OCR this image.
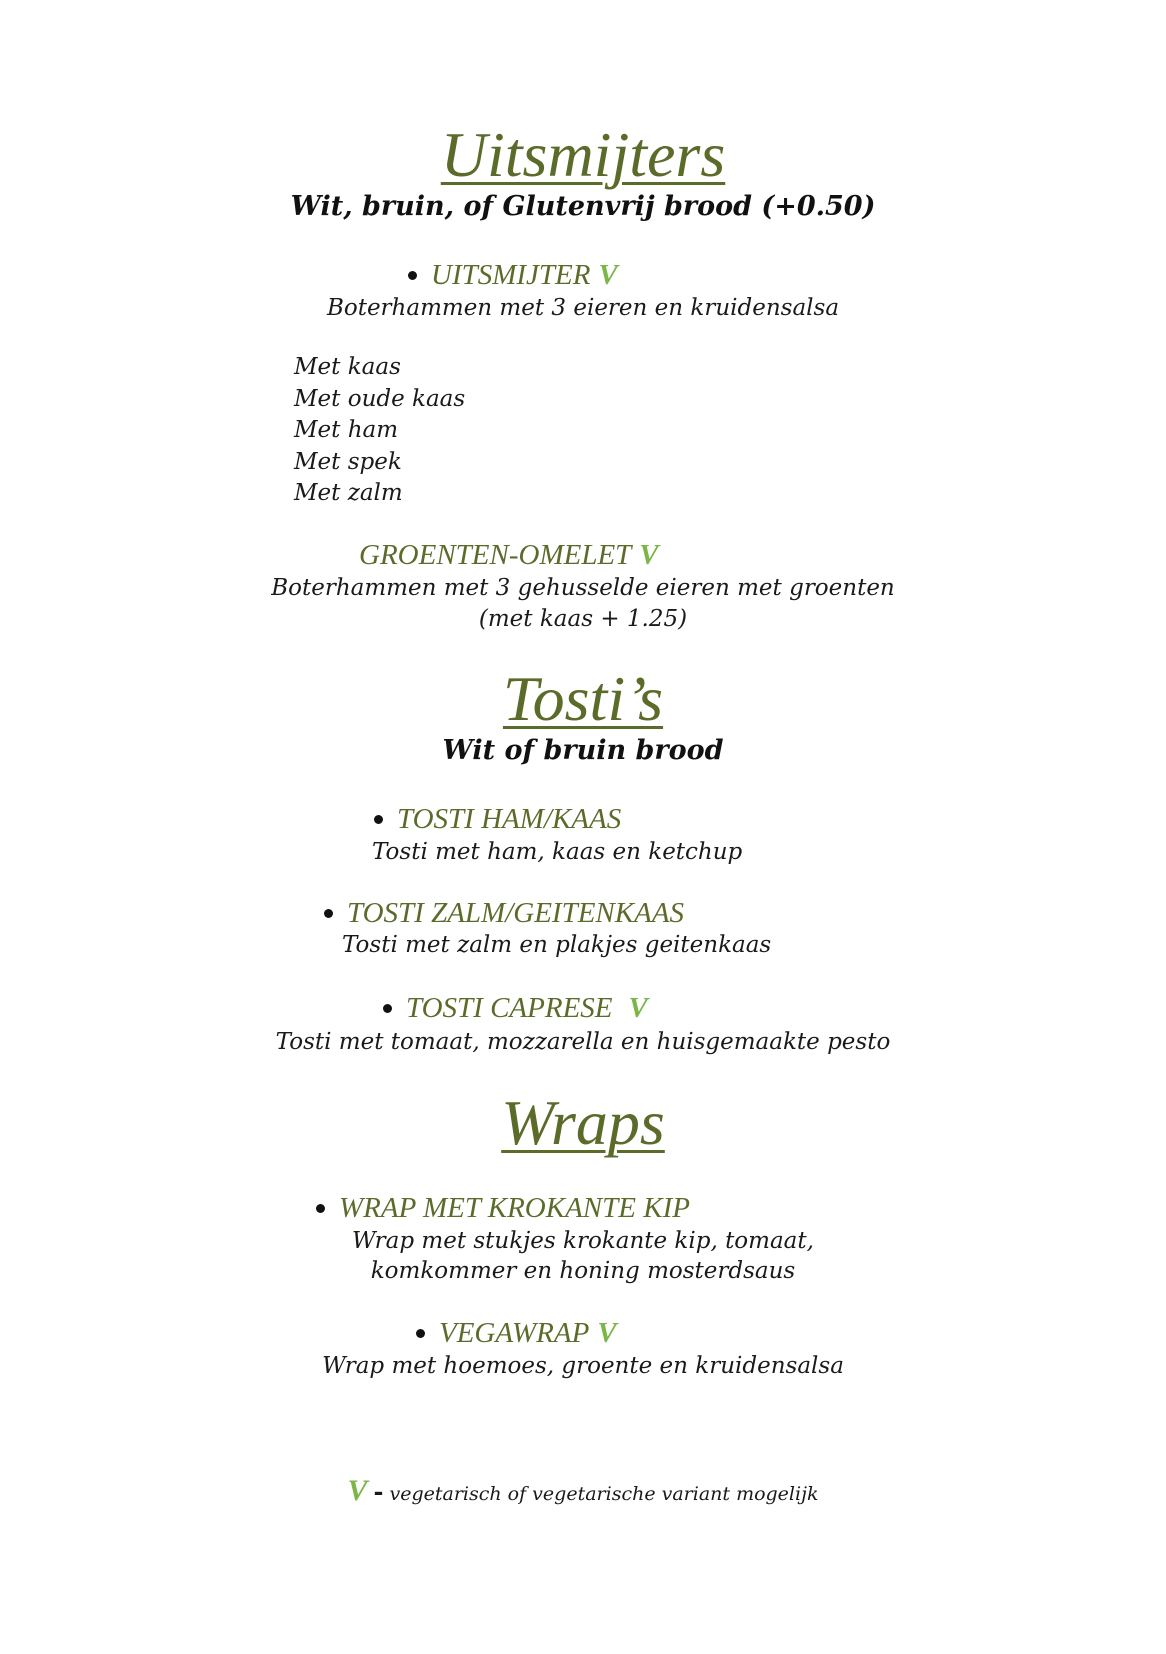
Uitsmijters
Wit, bruin, of Glutenvrij brood (+0.50)
UITSMIJTER V
Boterhammen met 3 eieren en kruidensalsa
Met kaas
Met oude kaas
Met ham
Met spek
Met zalm
GROENTEN-OMELET V
Boterhammen met 3 gehusselde eieren met groenten
(met kaas + 1.25)
Tosti’s
Wit of bruin brood
TOSTI HAM/KAAS
Tosti met ham, kaas en ketchup
TOSTI ZALM/GEITENKAAS
Tosti met zalm en plakjes geitenkaas
TOSTI CAPRESE V
Tosti met tomaat, mozzarella en huisgemaakte pesto
Wraps
WRAP MET KROKANTE KIP
Wrap met stukjes krokante kip, tomaat,
komkommer en honing mosterdsaus
VEGAWRAP V
Wrap met hoemoes, groente en kruidensalsa
V - vegetarisch of vegetarische variant mogelijk
